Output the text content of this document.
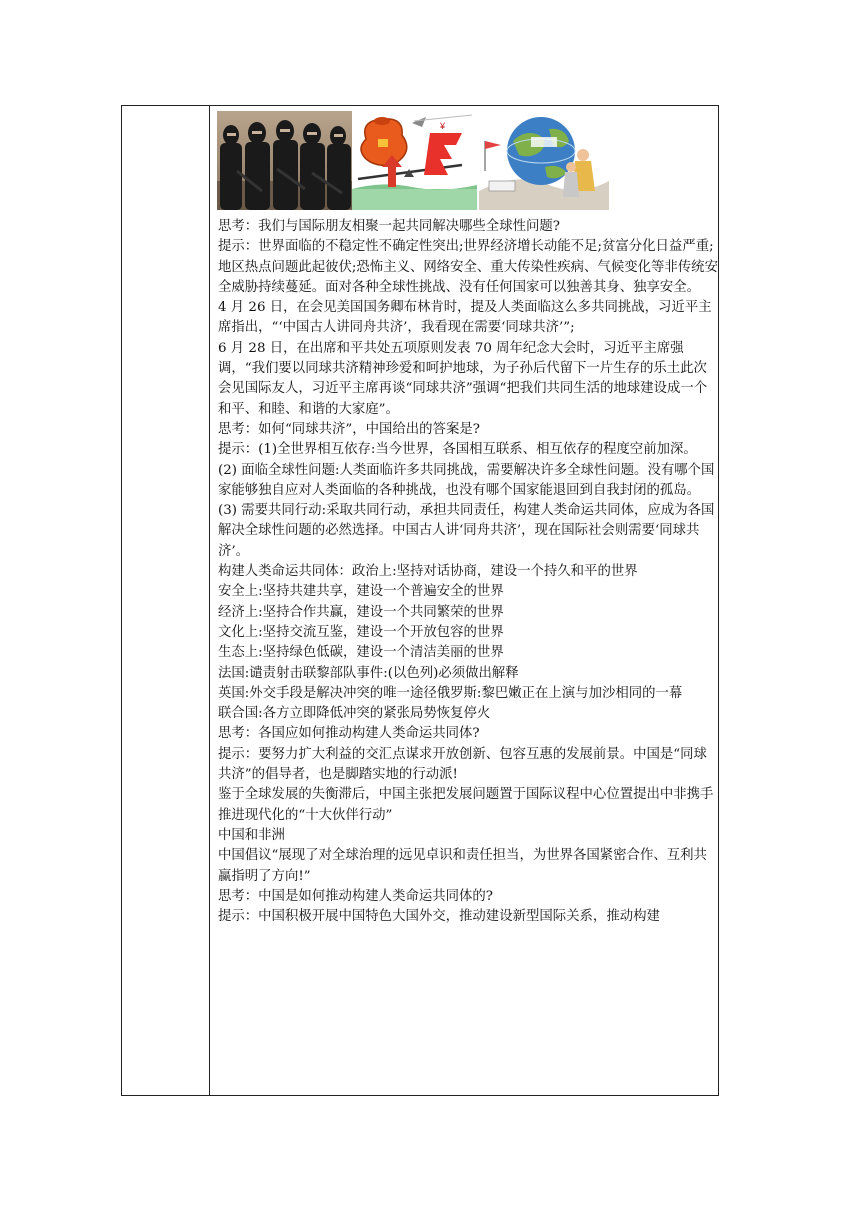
¥

思考：我们与国际朋友相聚一起共同解决哪些全球性问题?

提示：世界面临的不稳定性不确定性突出;世界经济增长动能不足;贫富分化日益严重;地区热点问题此起彼伏;恐怖主义、网络安全、重大传染性疾病、气候变化等非传统安全威胁持续蔓延。面对各种全球性挑战、没有任何国家可以独善其身、独享安全。

4 月 26 日，在会见美国国务卿布林肯时，提及人类面临这么多共同挑战，习近平主席指出，“‘中国古人讲同舟共济’，我看现在需要‘同球共济’”;

6 月 28 日，在出席和平共处五项原则发表 70 周年纪念大会时，习近平主席强调，“我们要以同球共济精神珍爱和呵护地球，为子孙后代留下一片生存的乐土此次会见国际友人，习近平主席再谈“同球共济”强调“把我们共同生活的地球建设成一个和平、和睦、和谐的大家庭”。

思考：如何“同球共济”，中国给出的答案是?

提示：(1)全世界相互依存:当今世界，各国相互联系、相互依存的程度空前加深。

(2) 面临全球性问题:人类面临许多共同挑战，需要解决许多全球性问题。没有哪个国家能够独自应对人类面临的各种挑战，也没有哪个国家能退回到自我封闭的孤岛。

(3) 需要共同行动:采取共同行动，承担共同责任，构建人类命运共同体，应成为各国解决全球性问题的必然选择。中国古人讲‘同舟共济’，现在国际社会则需要‘同球共济’。

构建人类命运共同体：政治上:坚持对话协商，建设一个持久和平的世界

安全上:坚持共建共享，建设一个普遍安全的世界

经济上:坚持合作共赢，建设一个共同繁荣的世界

文化上:坚持交流互鉴，建设一个开放包容的世界

生态上:坚持绿色低碳，建设一个清洁美丽的世界

法国:谴责射击联黎部队事件:(以色列)必须做出解释

英国:外交手段是解决冲突的唯一途径俄罗斯:黎巴嫩正在上演与加沙相同的一幕

联合国:各方立即降低冲突的紧张局势恢复停火

思考：各国应如何推动构建人类命运共同体?

提示：要努力扩大利益的交汇点谋求开放创新、包容互惠的发展前景。中国是“同球共济”的倡导者，也是脚踏实地的行动派!

鉴于全球发展的失衡滞后，中国主张把发展问题置于国际议程中心位置提出中非携手推进现代化的“十大伙伴行动”

中国和非洲

中国倡议“展现了对全球治理的远见卓识和责任担当，为世界各国紧密合作、互利共赢指明了方向!”

思考：中国是如何推动构建人类命运共同体的?

提示：中国积极开展中国特色大国外交，推动建设新型国际关系，推动构建
